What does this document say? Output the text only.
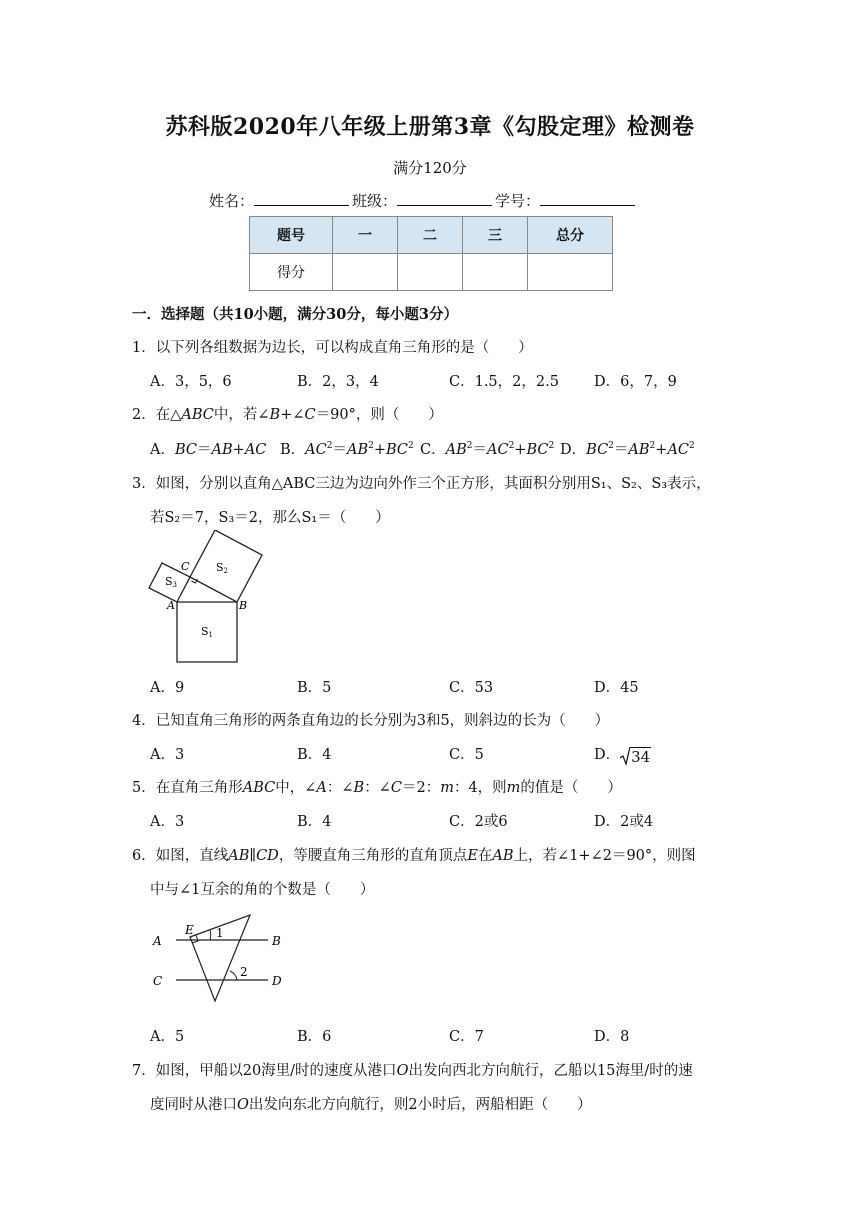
苏科版2020年八年级上册第3章《勾股定理》检测卷
满分120分
姓名：	班级：	学号：
题号	一	二	三	总分
得分				
一．选择题（共10小题，满分30分，每小题3分）
1．以下列各组数据为边长，可以构成直角三角形的是（　　）
A．3，5，6	B．2，3，4	C．1.5，2，2.5 D．6，7，9
2．在△ABC中，若∠B+∠C＝90°，则（　　）
A．BC＝AB+AC B．$AC^2=AB^2+BC^2$ C．$AB^2=AC^2+BC^2$ D．$BC^2=AB^2+AC^2$
3．如图，分别以直角△ABC三边为边向外作三个正方形，其面积分别用S₁、S₂、S₃表示，
若S₂＝7，S₃＝2，那么S₁＝（　　）
S1
S2
S3
A	B
C
A．9	B．5	C．53	D．45
4．已知直角三角形的两条直角边的长分别为3和5，则斜边的长为（　　）
A．3	B．4	C．5	D． 34
5．在直角三角形ABC中，∠A：∠B：∠C＝2：m：4，则m的值是（　　）
A．3	B．4	C．2或6	D．2或4
6．如图，直线AB∥CD，等腰直角三角形的直角顶点E在AB上，若∠1+∠2＝90°，则图
中与∠1互余的角的个数是（　　）
A	B
C	D
E 1
2
A．5	B．6	C．7	D．8
7．如图，甲船以20海里/时的速度从港口O出发向西北方向航行，乙船以15海里/时的速
度同时从港口O出发向东北方向航行，则2小时后，两船相距（　　）
